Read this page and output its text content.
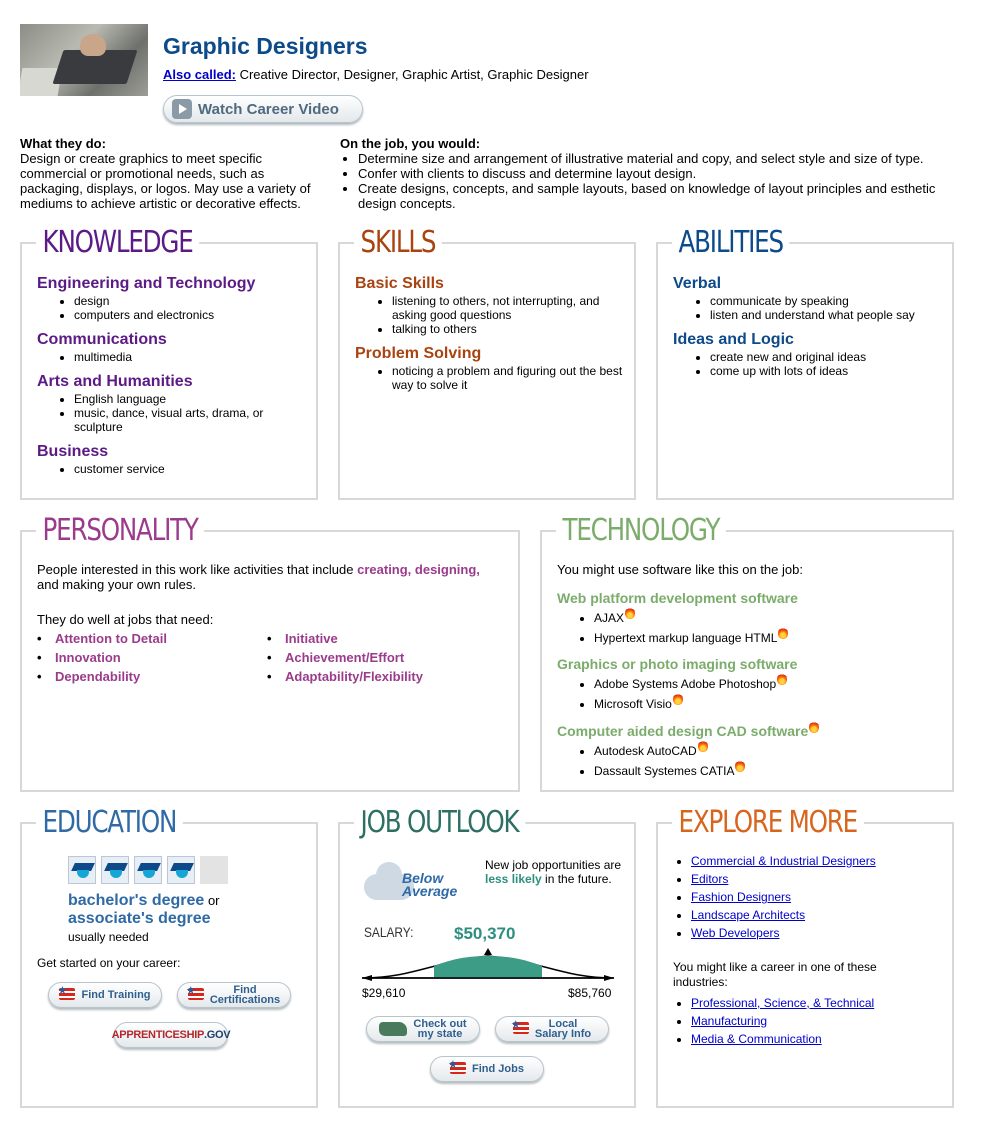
Graphic Designers
Also called: Creative Director, Designer, Graphic Artist, Graphic Designer
Watch Career Video
What they do:
Design or create graphics to meet specific commercial or promotional needs, such as packaging, displays, or logos. May use a variety of mediums to achieve artistic or decorative effects.
On the job, you would:
• Determine size and arrangement of illustrative material and copy, and select style and size of type.
• Confer with clients to discuss and determine layout design.
• Create designs, concepts, and sample layouts, based on knowledge of layout principles and esthetic design concepts.
KNOWLEDGE

Engineering and Technology

• design
• computers and electronics

Communications

• multimedia

Arts and Humanities

• English language
• music, dance, visual arts, drama, or sculpture

Business

• customer service
SKILLS

Basic Skills

• listening to others, not interrupting, and asking good questions
• talking to others

Problem Solving

• noticing a problem and figuring out the best way to solve it
ABILITIES

Verbal

• communicate by speaking
• listen and understand what people say

Ideas and Logic

• create new and original ideas
• come up with lots of ideas
PERSONALITY
People interested in this work like activities that include creating, designing, and making your own rules.
They do well at jobs that need:
• Attention to Detail	• Initiative
• Innovation	• Achievement/Effort
• Dependability	• Adaptability/Flexibility
TECHNOLOGY
You might use software like this on the job:

Web platform development software

• AJAX
• Hypertext markup language HTML

Graphics or photo imaging software

• Adobe Systems Adobe Photoshop
• Microsoft Visio

Computer aided design CAD software

• Autodesk AutoCAD
• Dassault Systemes CATIA
EDUCATION
bachelor's degree or
associate's degree
usually needed
Get started on your career:
★
Find Training ★	Find
Certifications
APPRENTICESHIP .GOV
JOB OUTLOOK
Below
Average
New job opportunities are less likely in the future.
SALARY: $50,370
$29,610	$85,760
Check out
my state
★
Local
Salary Info
★
Find Jobs
EXPLORE MORE
• Commercial & Industrial Designers
• Editors
• Fashion Designers
• Landscape Architects
• Web Developers
You might like a career in one of these industries:
• Professional, Science, & Technical
• Manufacturing
• Media & Communication
